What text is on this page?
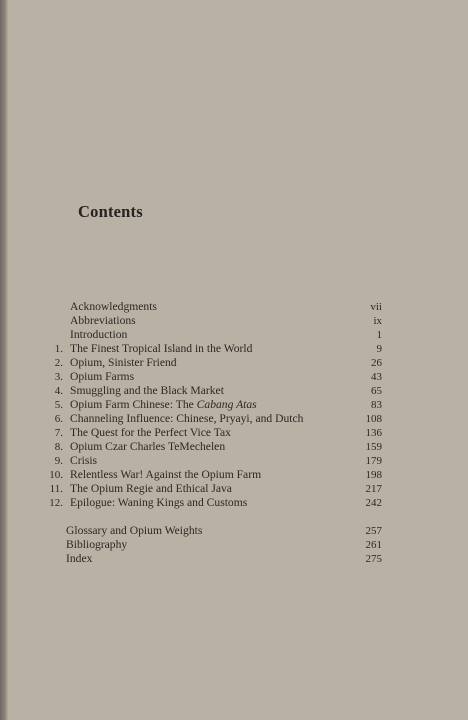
Contents
Acknowledgments	vii
Abbreviations	ix
Introduction	1
1. The Finest Tropical Island in the World	9
2. Opium, Sinister Friend	26
3. Opium Farms	43
4. Smuggling and the Black Market	65
5. Opium Farm Chinese: The Cabang Atas	83
6. Channeling Influence: Chinese, Pryayi, and Dutch	108
7. The Quest for the Perfect Vice Tax	136
8. Opium Czar Charles TeMechelen	159
9. Crisis	179
10. Relentless War! Against the Opium Farm	198
11. The Opium Regie and Ethical Java	217
12. Epilogue: Waning Kings and Customs	242
Glossary and Opium Weights	257
Bibliography	261
Index	275
